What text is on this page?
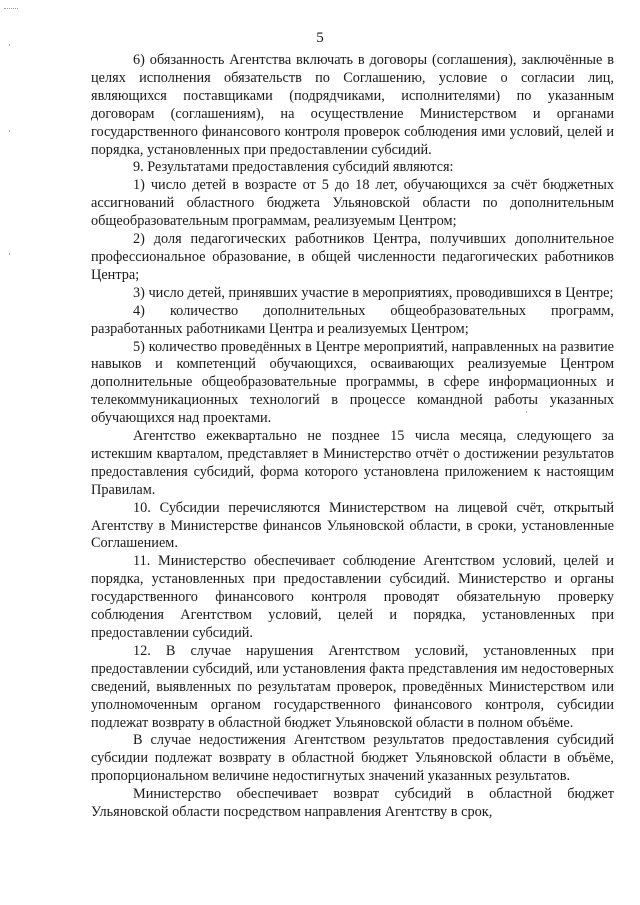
5

6) обязанность Агентства включать в договоры (соглашения), заключённые в целях исполнения обязательств по Соглашению, условие о согласии лиц, являющихся поставщиками (подрядчиками, исполнителями) по указанным договорам (соглашениям), на осуществление Министерством и органами государственного финансового контроля проверок соблюдения ими условий, целей и порядка, установленных при предоставлении субсидий.

9. Результатами предоставления субсидий являются:

1) число детей в возрасте от 5 до 18 лет, обучающихся за счёт бюджетных ассигнований областного бюджета Ульяновской области по дополнительным общеобразовательным программам, реализуемым Центром;

2) доля педагогических работников Центра, получивших дополнительное профессиональное образование, в общей численности педагогических работников Центра;

3) число детей, принявших участие в мероприятиях, проводившихся в Центре;

4) количество дополнительных общеобразовательных программ, разработанных работниками Центра и реализуемых Центром;

5) количество проведённых в Центре мероприятий, направленных на развитие навыков и компетенций обучающихся, осваивающих реализуемые Центром дополнительные общеобразовательные программы, в сфере информационных и телекоммуникационных технологий в процессе командной работы указанных обучающихся над проектами.

Агентство ежеквартально не позднее 15 числа месяца, следующего за истекшим кварталом, представляет в Министерство отчёт о достижении результатов предоставления субсидий, форма которого установлена приложением к настоящим Правилам.

10. Субсидии перечисляются Министерством на лицевой счёт, открытый Агентству в Министерстве финансов Ульяновской области, в сроки, установленные Соглашением.

11. Министерство обеспечивает соблюдение Агентством условий, целей и порядка, установленных при предоставлении субсидий. Министерство и органы государственного финансового контроля проводят обязательную проверку соблюдения Агентством условий, целей и порядка, установленных при предоставлении субсидий.

12. В случае нарушения Агентством условий, установленных при предоставлении субсидий, или установления факта представления им недостоверных сведений, выявленных по результатам проверок, проведённых Министерством или уполномоченным органом государственного финансового контроля, субсидии подлежат возврату в областной бюджет Ульяновской области в полном объёме.

В случае недостижения Агентством результатов предоставления субсидий субсидии подлежат возврату в областной бюджет Ульяновской области в объёме, пропорциональном величине недостигнутых значений указанных результатов.

Министерство обеспечивает возврат субсидий в областной бюджет Ульяновской области посредством направления Агентству в срок,
